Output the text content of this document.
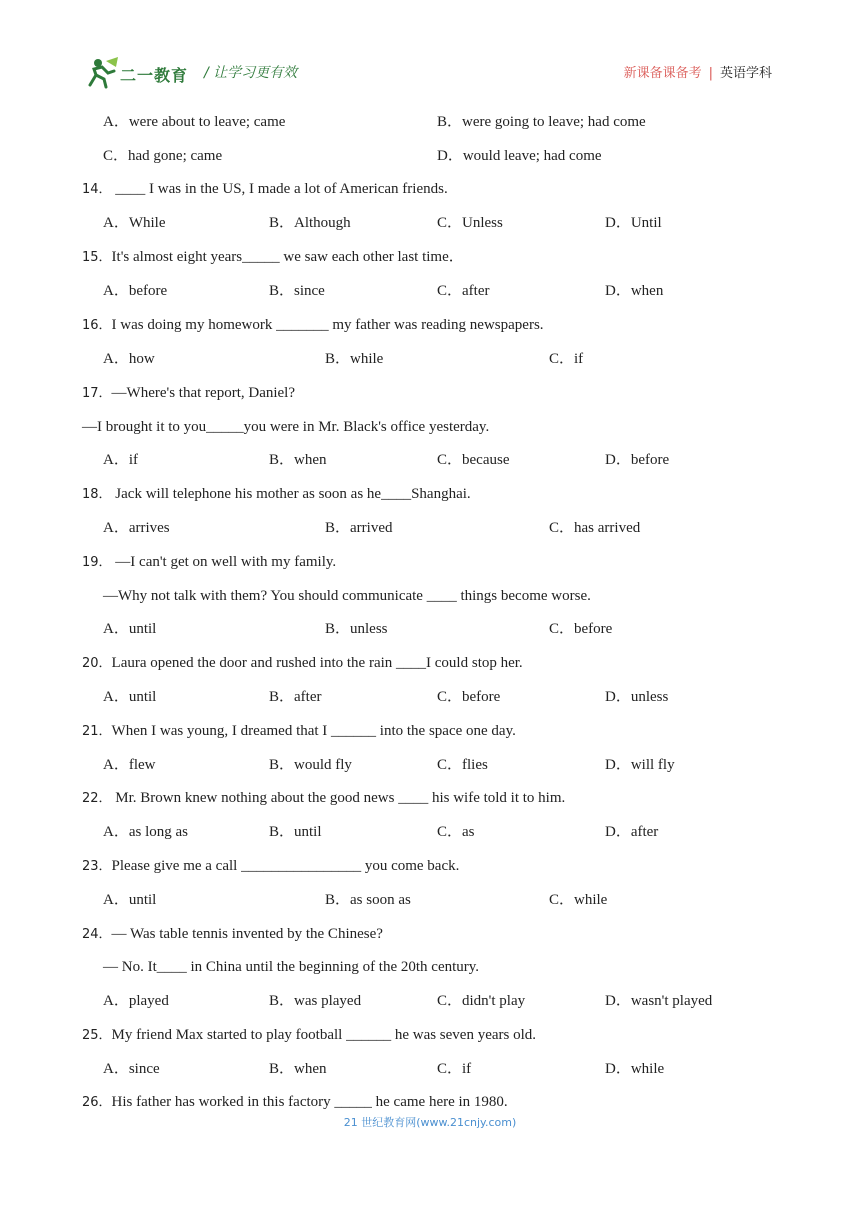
二一教育 / 让学习更有效	新课备课备考 | 英语学科
A．were about to leave; came	B．were going to leave; had come
C．had gone; came	D．would leave; had come
14． ____ I was in the US, I made a lot of American friends.
A．While	B．Although	C．Unless	D．Until
15．It's almost eight years_____ we saw each other last time．
A．before	B．since	C．after	D．when
16．I was doing my homework _______ my father was reading newspapers.
A．how	B．while	C．if
17．—Where's that report, Daniel?
—I brought it to you_____you were in Mr. Black's office yesterday.
A．if	B．when	C．because	D．before
18． Jack will telephone his mother as soon as he____Shanghai.
A．arrives	B．arrived	C．has arrived
19． —I can't get on well with my family.
—Why not talk with them? You should communicate ____ things become worse.
A．until	B．unless	C．before
20．Laura opened the door and rushed into the rain ____I could stop her.
A．until	B．after	C．before	D．unless
21．When I was young, I dreamed that I ______ into the space one day.
A．flew	B．would fly	C．flies	D．will fly
22． Mr. Brown knew nothing about the good news ____ his wife told it to him.
A．as long as	B．until	C．as	D．after
23．Please give me a call ________________ you come back.
A．until	B．as soon as	C．while
24．— Was table tennis invented by the Chinese?
— No. It____ in China until the beginning of the 20th century.
A．played	B．was played	C．didn't play	D．wasn't played
25．My friend Max started to play football ______ he was seven years old.
A．since	B．when	C．if	D．while
26．His father has worked in this factory _____ he came here in 1980.
21 世纪教育网(www.21cnjy.com)
